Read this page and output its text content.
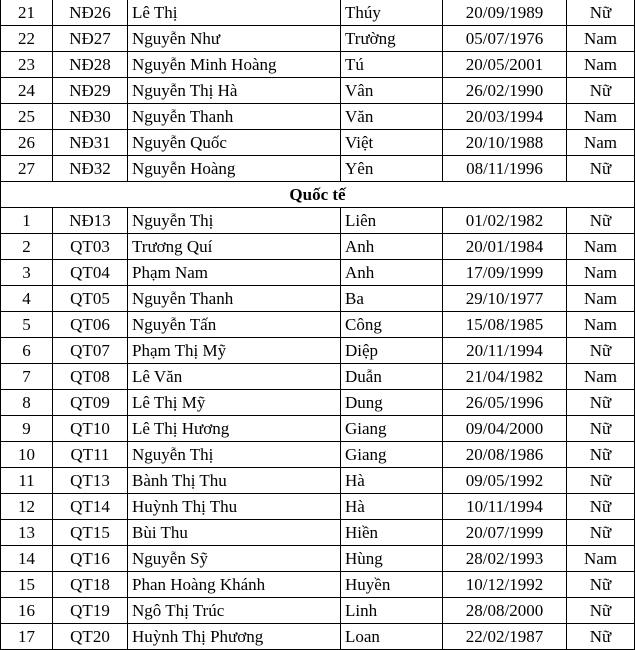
21	NĐ26	Lê Thị	Thúy	20/09/1989	Nữ
22	NĐ27	Nguyễn Như	Trường	05/07/1976	Nam
23	NĐ28	Nguyễn Minh Hoàng	Tú	20/05/2001	Nam
24	NĐ29	Nguyễn Thị Hà	Vân	26/02/1990	Nữ
25	NĐ30	Nguyễn Thanh	Văn	20/03/1994	Nam
26	NĐ31	Nguyễn Quốc	Việt	20/10/1988	Nam
27	NĐ32	Nguyễn Hoàng	Yên	08/11/1996	Nữ
Quốc tế					
1	NĐ13	Nguyễn Thị	Liên	01/02/1982	Nữ
2	QT03	Trương Quí	Anh	20/01/1984	Nam
3	QT04	Phạm Nam	Anh	17/09/1999	Nam
4	QT05	Nguyễn Thanh	Ba	29/10/1977	Nam
5	QT06	Nguyễn Tấn	Công	15/08/1985	Nam
6	QT07	Phạm Thị Mỹ	Diệp	20/11/1994	Nữ
7	QT08	Lê Văn	Duẫn	21/04/1982	Nam
8	QT09	Lê Thị Mỹ	Dung	26/05/1996	Nữ
9	QT10	Lê Thị Hương	Giang	09/04/2000	Nữ
10	QT11	Nguyễn Thị	Giang	20/08/1986	Nữ
11	QT13	Bành Thị Thu	Hà	09/05/1992	Nữ
12	QT14	Huỳnh Thị Thu	Hà	10/11/1994	Nữ
13	QT15	Bùi Thu	Hiền	20/07/1999	Nữ
14	QT16	Nguyễn Sỹ	Hùng	28/02/1993	Nam
15	QT18	Phan Hoàng Khánh	Huyền	10/12/1992	Nữ
16	QT19	Ngô Thị Trúc	Linh	28/08/2000	Nữ
17	QT20	Huỳnh Thị Phương	Loan	22/02/1987	Nữ
